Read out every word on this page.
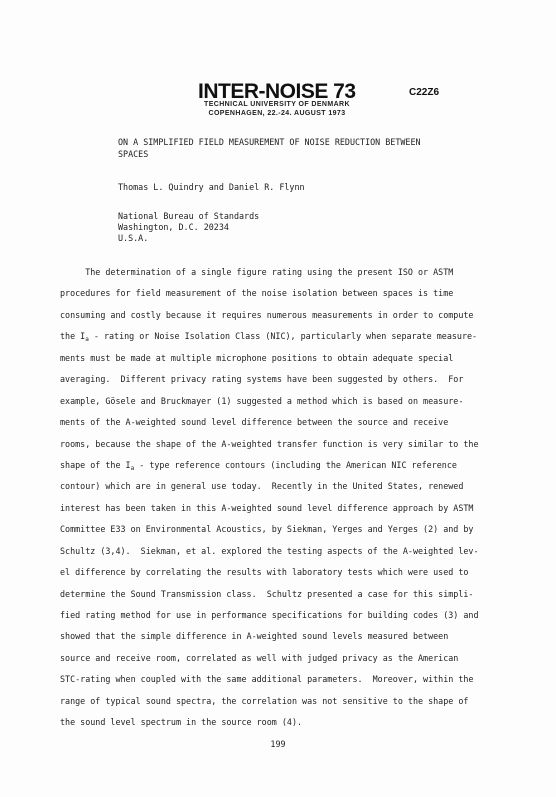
INTER-NOISE 73	C22Z6
TECHNICAL UNIVERSITY OF DENMARK
COPENHAGEN, 22.-24. AUGUST 1973
ON A SIMPLIFIED FIELD MEASUREMENT OF NOISE REDUCTION BETWEEN
SPACES
Thomas L. Quindry and Daniel R. Flynn
National Bureau of Standards
Washington, D.C. 20234
U.S.A.
The determination of a single figure rating using the present ISO or ASTM
procedures for field measurement of the noise isolation between spaces is time
consuming and costly because it requires numerous measurements in order to compute
the $I_a$ - rating or Noise Isolation Class (NIC), particularly when separate measure-
ments must be made at multiple microphone positions to obtain adequate special
averaging.  Different privacy rating systems have been suggested by others.  For
example, Gösele and Bruckmayer (1) suggested a method which is based on measure-
ments of the A-weighted sound level difference between the source and receive
rooms, because the shape of the A-weighted transfer function is very similar to the
shape of the $I_a$ - type reference contours (including the American NIC reference
contour) which are in general use today.  Recently in the United States, renewed
interest has been taken in this A-weighted sound level difference approach by ASTM
Committee E33 on Environmental Acoustics, by Siekman, Yerges and Yerges (2) and by
Schultz (3,4).  Siekman, et al. explored the testing aspects of the A-weighted lev-
el difference by correlating the results with laboratory tests which were used to
determine the Sound Transmission class.  Schultz presented a case for this simpli-
fied rating method for use in performance specifications for building codes (3) and
showed that the simple difference in A-weighted sound levels measured between
source and receive room, correlated as well with judged privacy as the American
STC-rating when coupled with the same additional parameters.  Moreover, within the
range of typical sound spectra, the correlation was not sensitive to the shape of
the sound level spectrum in the source room (4).
199
